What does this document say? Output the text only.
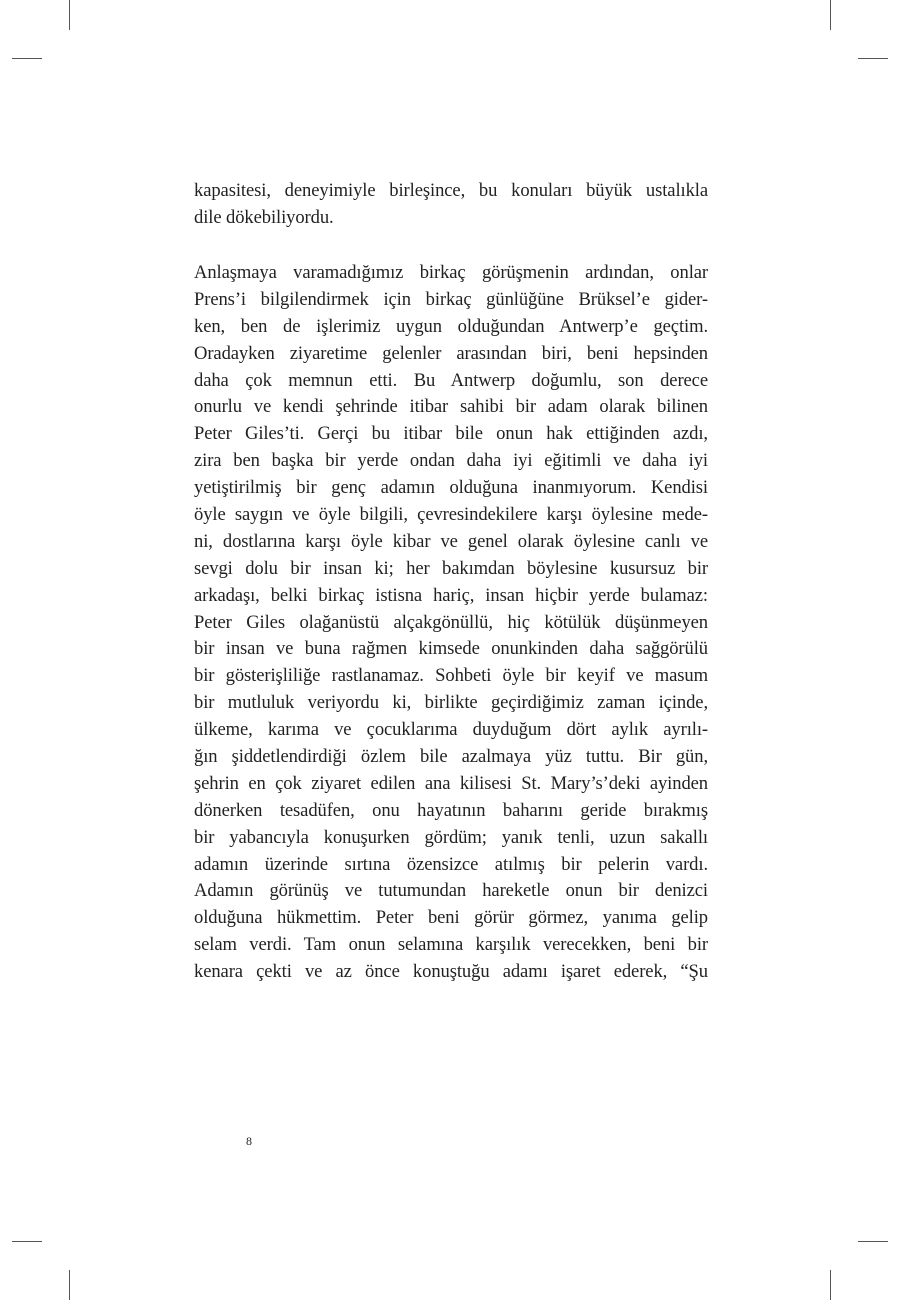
kapasitesi, deneyimiyle birleşince, bu konuları büyük ustalıkla
dile dökebiliyordu.
Anlaşmaya varamadığımız birkaç görüşmenin ardından, onlar
Prens’i bilgilendirmek için birkaç günlüğüne Brüksel’e gider-
ken, ben de işlerimiz uygun olduğundan Antwerp’e geçtim.
Oradayken ziyaretime gelenler arasından biri, beni hepsinden
daha çok memnun etti. Bu Antwerp doğumlu, son derece
onurlu ve kendi şehrinde itibar sahibi bir adam olarak bilinen
Peter Giles’ti. Gerçi bu itibar bile onun hak ettiğinden azdı,
zira ben başka bir yerde ondan daha iyi eğitimli ve daha iyi
yetiştirilmiş bir genç adamın olduğuna inanmıyorum. Kendisi
öyle saygın ve öyle bilgili, çevresindekilere karşı öylesine mede-
ni, dostlarına karşı öyle kibar ve genel olarak öylesine canlı ve
sevgi dolu bir insan ki; her bakımdan böylesine kusursuz bir
arkadaşı, belki birkaç istisna hariç, insan hiçbir yerde bulamaz:
Peter Giles olağanüstü alçakgönüllü, hiç kötülük düşünmeyen
bir insan ve buna rağmen kimsede onunkinden daha sağgörülü
bir gösterişliliğe rastlanamaz. Sohbeti öyle bir keyif ve masum
bir mutluluk veriyordu ki, birlikte geçirdiğimiz zaman içinde,
ülkeme, karıma ve çocuklarıma duyduğum dört aylık ayrılı-
ğın şiddetlendirdiği özlem bile azalmaya yüz tuttu. Bir gün,
şehrin en çok ziyaret edilen ana kilisesi St. Mary’s’deki ayinden
dönerken tesadüfen, onu hayatının baharını geride bırakmış
bir yabancıyla konuşurken gördüm; yanık tenli, uzun sakallı
adamın üzerinde sırtına özensizce atılmış bir pelerin vardı.
Adamın görünüş ve tutumundan hareketle onun bir denizci
olduğuna hükmettim. Peter beni görür görmez, yanıma gelip
selam verdi. Tam onun selamına karşılık verecekken, beni bir
kenara çekti ve az önce konuştuğu adamı işaret ederek, “Şu
8
